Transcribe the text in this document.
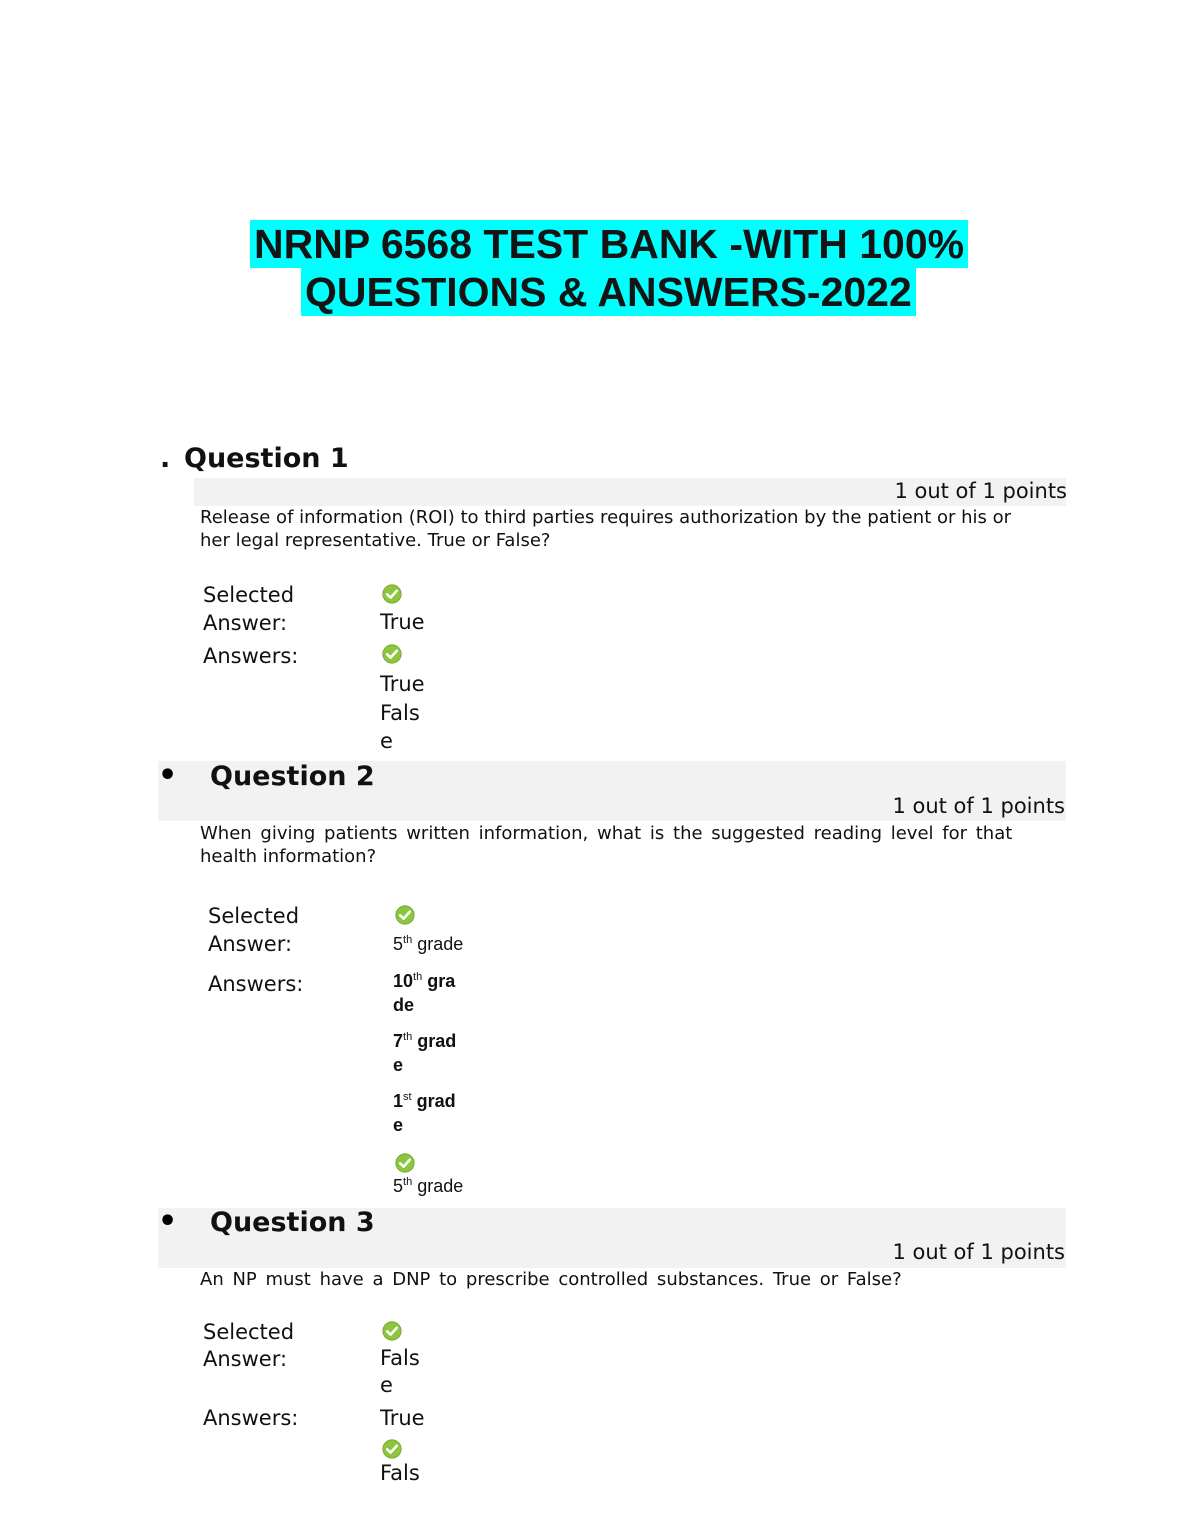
NRNP 6568 TEST BANK -WITH 100%
QUESTIONS & ANSWERS-2022
. Question 1
1 out of 1 points
Release of information (ROI) to third parties requires authorization by the patient or his or
her legal representative. True or False?
Selected
Answer:	True
Answers:
True
Fals
e
• Question 2
1 out of 1 points
When giving patients written information, what is the suggested reading level for that
health information?
Selected
Answer:	5th grade
Answers:	10th gra
de
7th grad
e
1st grad
e
5th grade
• Question 3
1 out of 1 points
An NP must have a DNP to prescribe controlled substances. True or False?
Selected
Answer:	Fals
e
Answers:	True
Fals
